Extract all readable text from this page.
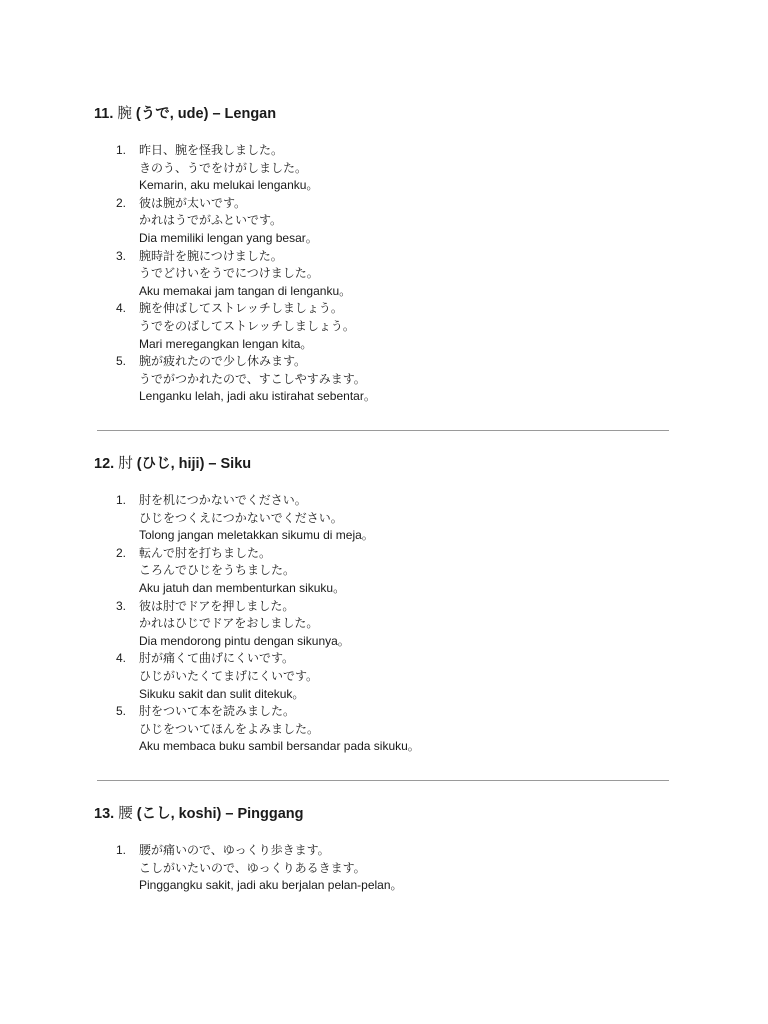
11. 腕 (うで, ude) – Lengan
1. 昨日、腕を怪我しました。
きのう、うでをけがしました。
Kemarin, aku melukai lenganku。
2. 彼は腕が太いです。
かれはうでがふといです。
Dia memiliki lengan yang besar。
3. 腕時計を腕につけました。
うでどけいをうでにつけました。
Aku memakai jam tangan di lenganku。
4. 腕を伸ばしてストレッチしましょう。
うでをのばしてストレッチしましょう。
Mari meregangkan lengan kita。
5. 腕が疲れたので少し休みます。
うでがつかれたので、すこしやすみます。
Lenganku lelah, jadi aku istirahat sebentar。
12. 肘 (ひじ, hiji) – Siku
1. 肘を机につかないでください。
ひじをつくえにつかないでください。
Tolong jangan meletakkan sikumu di meja。
2. 転んで肘を打ちました。
ころんでひじをうちました。
Aku jatuh dan membenturkan sikuku。
3. 彼は肘でドアを押しました。
かれはひじでドアをおしました。
Dia mendorong pintu dengan sikunya。
4. 肘が痛くて曲げにくいです。
ひじがいたくてまげにくいです。
Sikuku sakit dan sulit ditekuk。
5. 肘をついて本を読みました。
ひじをついてほんをよみました。
Aku membaca buku sambil bersandar pada sikuku。
13. 腰 (こし, koshi) – Pinggang
1. 腰が痛いので、ゆっくり歩きます。
こしがいたいので、ゆっくりあるきます。
Pinggangku sakit, jadi aku berjalan pelan-pelan。
